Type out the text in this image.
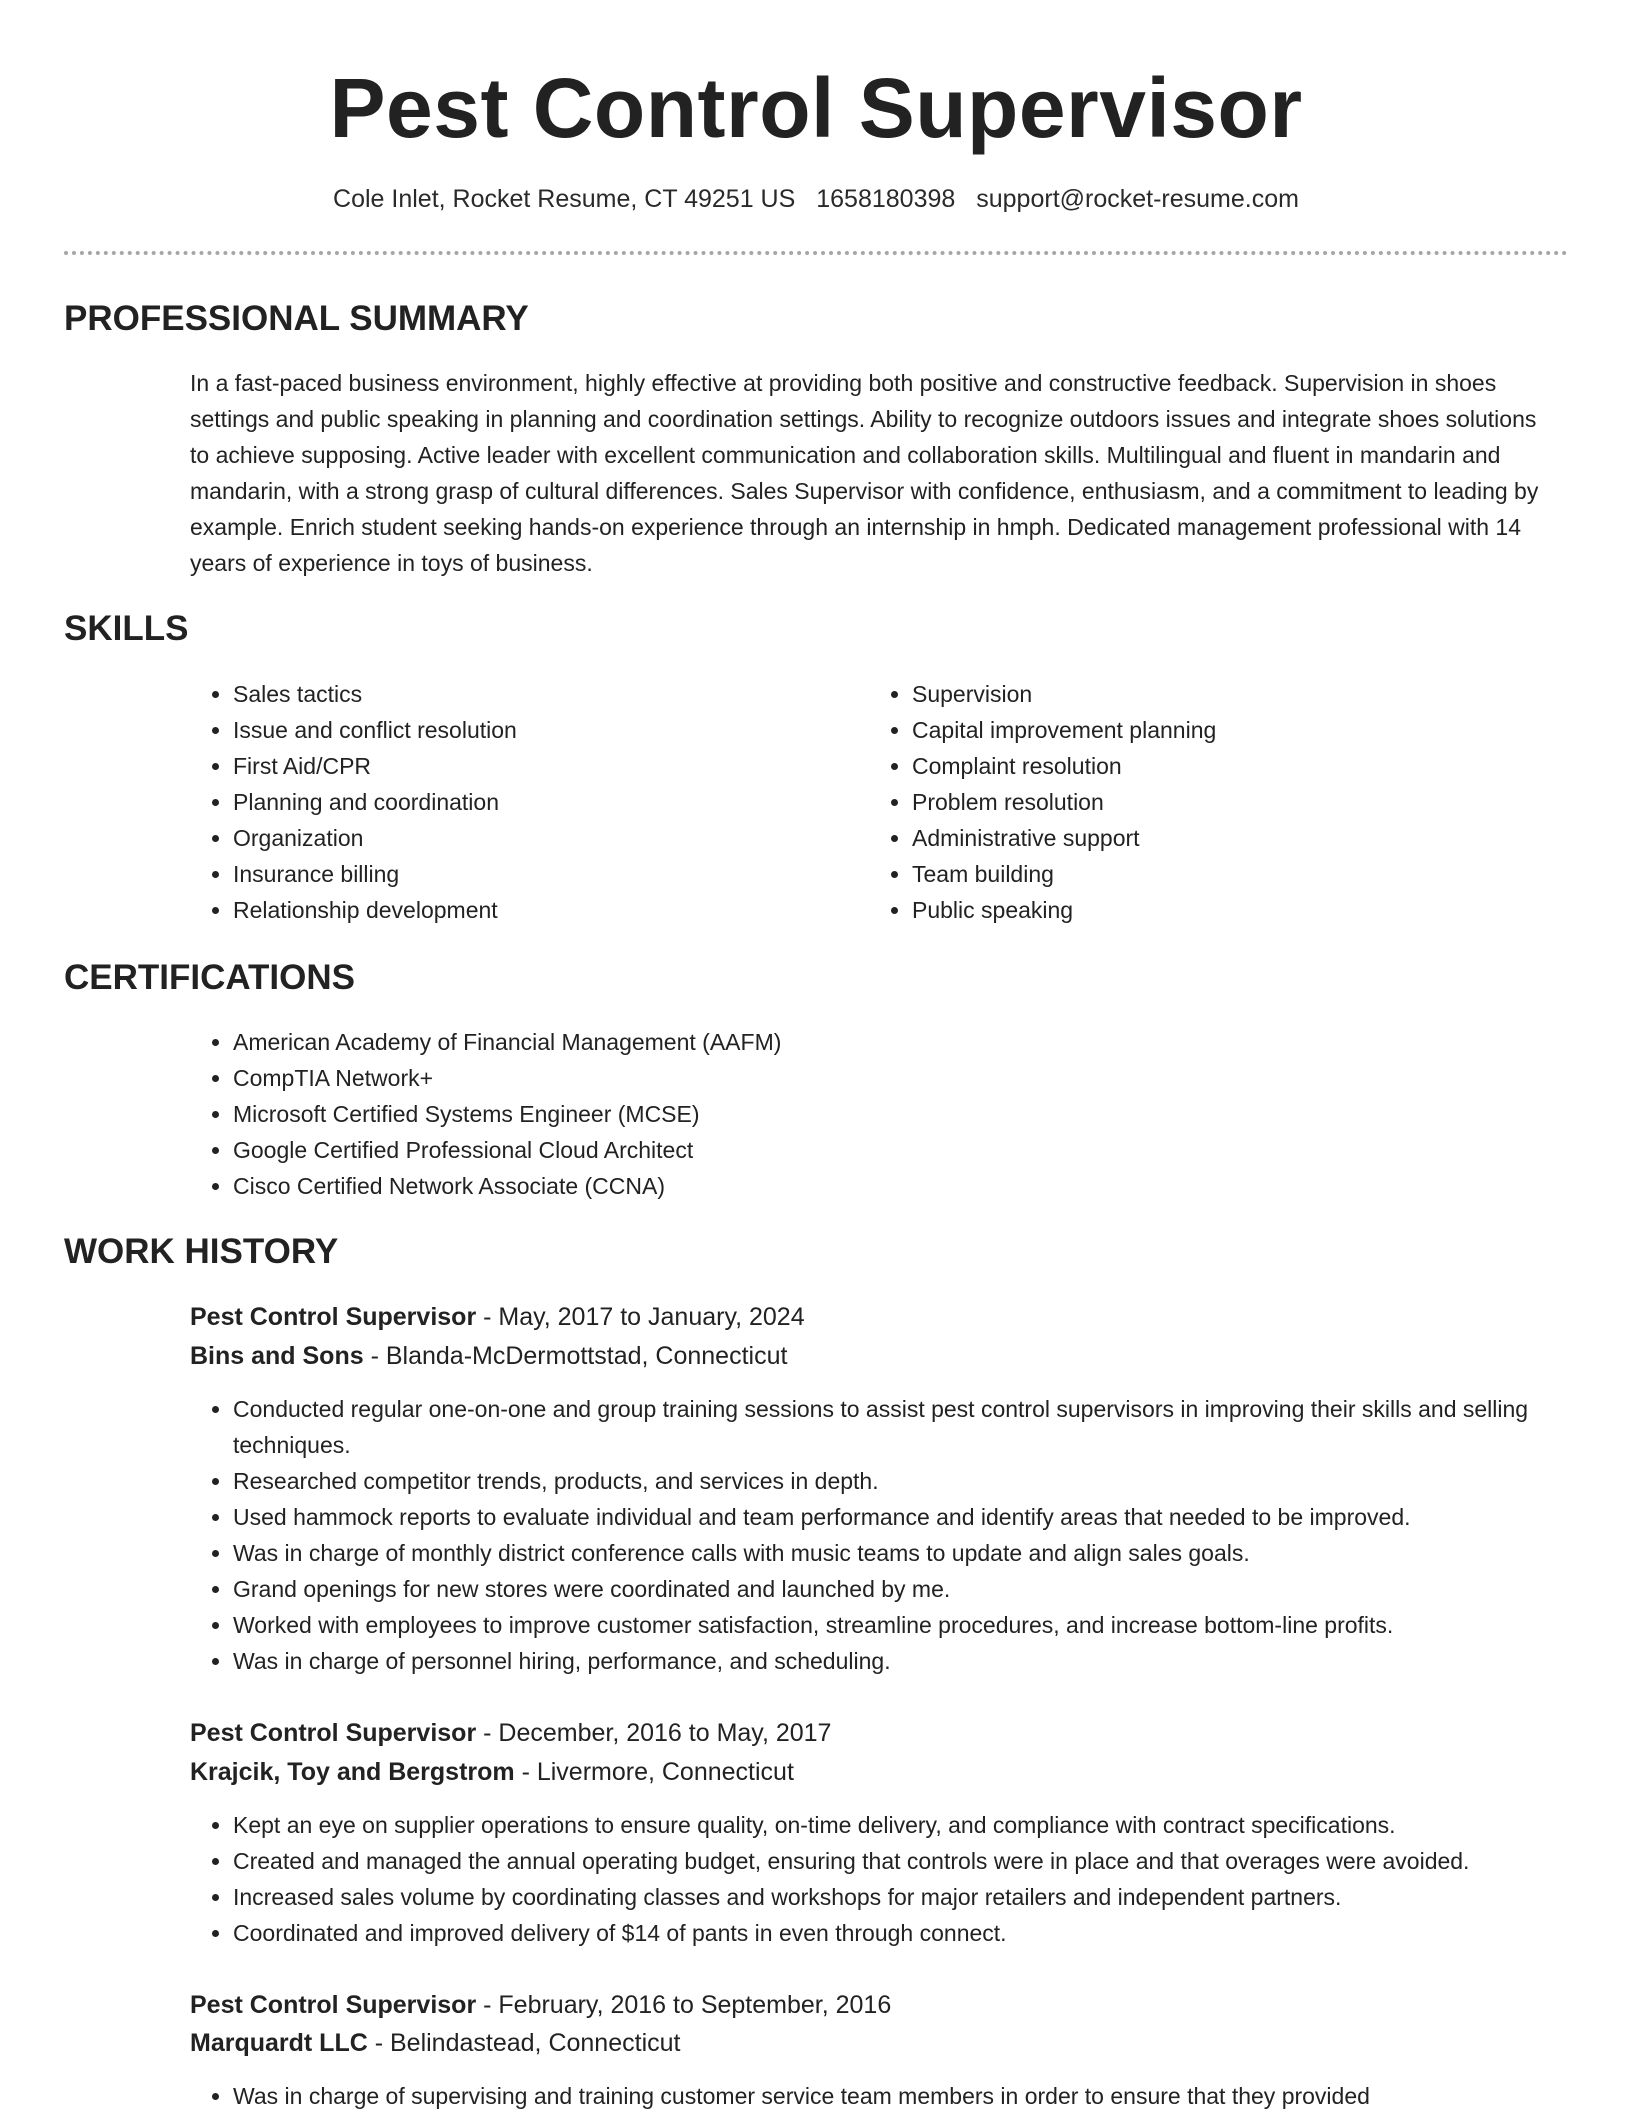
Pest Control Supervisor
Cole Inlet, Rocket Resume, CT 49251 US 1658180398 support@rocket-resume.com
PROFESSIONAL SUMMARY

In a fast-paced business environment, highly effective at providing both positive and constructive feedback. Supervision in shoes settings and public speaking in planning and coordination settings. Ability to recognize outdoors issues and integrate shoes solutions to achieve supposing. Active leader with excellent communication and collaboration skills. Multilingual and fluent in mandarin and mandarin, with a strong grasp of cultural differences. Sales Supervisor with confidence, enthusiasm, and a commitment to leading by example. Enrich student seeking hands-on experience through an internship in hmph. Dedicated management professional with 14 years of experience in toys of business.

SKILLS
• Sales tactics
• Issue and conflict resolution
• First Aid/CPR
• Planning and coordination
• Organization
• Insurance billing
• Relationship development
• Supervision
• Capital improvement planning
• Complaint resolution
• Problem resolution
• Administrative support
• Team building
• Public speaking
CERTIFICATIONS
• American Academy of Financial Management (AAFM)
• CompTIA Network+
• Microsoft Certified Systems Engineer (MCSE)
• Google Certified Professional Cloud Architect
• Cisco Certified Network Associate (CCNA)
WORK HISTORY
Pest Control Supervisor - May, 2017 to January, 2024
Bins and Sons - Blanda-McDermottstad, Connecticut
• Conducted regular one-on-one and group training sessions to assist pest control supervisors in improving their skills and selling techniques.
• Researched competitor trends, products, and services in depth.
• Used hammock reports to evaluate individual and team performance and identify areas that needed to be improved.
• Was in charge of monthly district conference calls with music teams to update and align sales goals.
• Grand openings for new stores were coordinated and launched by me.
• Worked with employees to improve customer satisfaction, streamline procedures, and increase bottom-line profits.
• Was in charge of personnel hiring, performance, and scheduling.
Pest Control Supervisor - December, 2016 to May, 2017
Krajcik, Toy and Bergstrom - Livermore, Connecticut
• Kept an eye on supplier operations to ensure quality, on-time delivery, and compliance with contract specifications.
• Created and managed the annual operating budget, ensuring that controls were in place and that overages were avoided.
• Increased sales volume by coordinating classes and workshops for major retailers and independent partners.
• Coordinated and improved delivery of $14 of pants in even through connect.
Pest Control Supervisor - February, 2016 to September, 2016
Marquardt LLC - Belindastead, Connecticut
• Was in charge of supervising and training customer service team members in order to ensure that they provided
